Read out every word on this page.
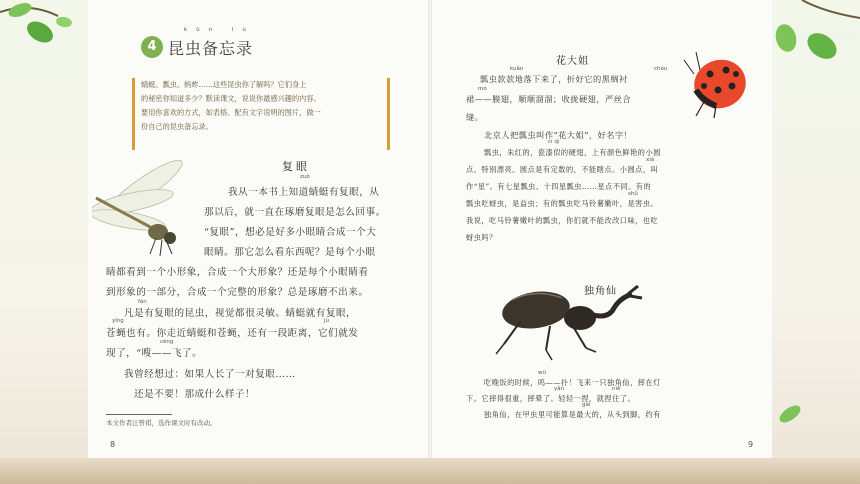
4
kūn lù
昆虫备忘录
蜻蜓、瓢虫、蚂蚱……这些昆虫你了解吗？它们身上
的秘密你知道多少？默读课文，说说你最感兴趣的内容。
要用你喜欢的方式，如表格、配有文字说明的图片，做一
份自己的昆虫备忘录。
复眼
zuò
我从一本书上知道蜻蜓有复眼，从
那以后，就一直在琢磨复眼是怎么回事。
“复眼”，想必是好多小眼睛合成一个大
眼睛。那它怎么看东西呢？是每个小眼
睛都看到一个小形象，合成一个大形象？还是每个小眼睛看
到形象的一部分，合成一个完整的形象？总是琢磨不出来。
fán
凡是有复眼的昆虫，视觉都很灵敏。蜻蜓就有复眼，
yīng	jù
苍蝇也有。你走近蜻蜓和苍蝇，还有一段距离，它们就发
céng
现了，“嗖——飞了。
我曾经想过：如果人长了一对复眼……
还是不要！那成什么样子！
本文作者汪曾祺，选作课文时有改动。
8
花大姐
kuǎn	chóu
瓢虫款款地落下来了，折好它的黑绸衬
mó
裙——膜翅，顺顺溜溜；收拢硬翅，严丝合
缝。
北京人把瓢虫叫作“花大姐”，好名字！
cí qì
瓢虫，朱红的，瓷漆似的硬翅，上有颜色鲜艳的小圆
xiá
点。特别漂亮。圆点是有定数的，不能瞎点。小圆点，叫
作“星”。有七星瓢虫、十四星瓢虫……星点不同。有的
shǔ
瓢虫吃蚜虫，是益虫；有的瓢虫吃马铃薯嫩叶，是害虫。
我说，吃马铃薯嫩叶的瓢虫，你们就不能改改口味，也吃
蚜虫吗？
独角仙
wū
吃晚饭的时候，呜——扑！飞来一只独角仙，摔在灯
yǎn	niē
下。它摔得很重，摔晕了。轻轻一捏，就捏住了。
gài
独角仙，在甲虫里可能算是最大的，从头到脚，约有
9
